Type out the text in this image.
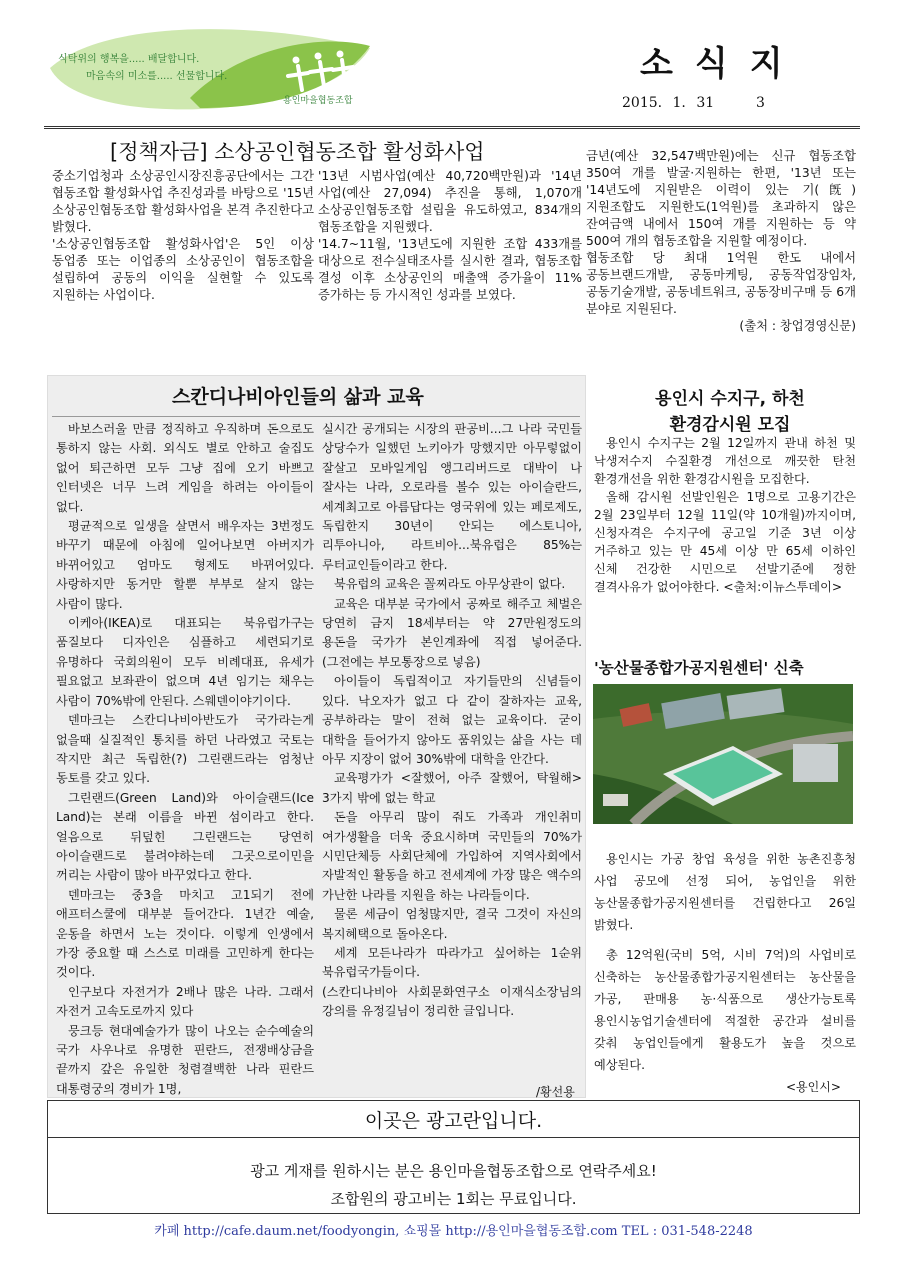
식탁위의 행복을..... 배달합니다.
마음속의 미소를..... 선물합니다.
용인마을협동조합
소식지
2015. 1. 31	3
[정책자금] 소상공인협동조합 활성화사업

중소기업청과 소상공인시장진흥공단에서는 그간 협동조합 활성화사업 추진성과를 바탕으로 '15년 소상공인협동조합 활성화사업을 본격 추진한다고 밝혔다.

'소상공인협동조합 활성화사업'은 5인 이상 동업종 또는 이업종의 소상공인이 협동조합을 설립하여 공동의 이익을 실현할 수 있도록 지원하는 사업이다.

'13년 시범사업(예산 40,720백만원)과 '14년 사업(예산 27,094) 추진을 통해, 1,070개 소상공인협동조합 설립을 유도하였고, 834개의 협동조합을 지원했다.

'14.7~11월, '13년도에 지원한 조합 433개를 대상으로 전수실태조사를 실시한 결과, 협동조합 결성 이후 소상공인의 매출액 증가율이 11% 증가하는 등 가시적인 성과를 보였다.

금년(예산 32,547백만원)에는 신규 협동조합 350여 개를 발굴·지원하는 한편, '13년 또는 '14년도에 지원받은 이력이 있는 기(旣) 지원조합도 지원한도(1억원)를 초과하지 않은 잔여금액 내에서 150여 개를 지원하는 등 약 500여 개의 협동조합을 지원할 예정이다.

협동조합 당 최대 1억원 한도 내에서 공동브랜드개발, 공동마케팅, 공동작업장임차, 공동기술개발, 공동네트워크, 공동장비구매 등 6개 분야로 지원된다.

(출처 : 창업경영신문)

스칸디나비아인들의 삶과 교육

바보스러울 만큼 정직하고 우직하며 돈으로도 통하지 않는 사회. 외식도 별로 안하고 술집도 없어 퇴근하면 모두 그냥 집에 오기 바쁘고 인터넷은 너무 느려 게임을 하려는 아이들이 없다.

평균적으로 일생을 살면서 배우자는 3번정도 바꾸기 때문에 아침에 일어나보면 아버지가 바뀌어있고 엄마도 형제도 바뀌어있다. 사랑하지만 동거만 할뿐 부부로 살지 않는 사람이 많다.

이케아(IKEA)로 대표되는 북유럽가구는 품질보다 디자인은 심플하고 세련되기로 유명하다 국회의원이 모두 비례대표, 유세가 필요없고 보좌관이 없으며 4년 임기는 채우는 사람이 70%밖에 안된다. 스웨덴이야기이다.

덴마크는 스칸디나비아반도가 국가라는게 없을때 실질적인 통치를 하던 나라였고 국토는 작지만 최근 독립한(?) 그린랜드라는 엄청난 동토를 갖고 있다.

그린랜드(Green Land)와 아이슬랜드(Ice Land)는 본래 이름을 바뀐 섬이라고 한다. 얼음으로 뒤덮힌 그린랜드는 당연히 아이슬랜드로 불려야하는데 그곳으로이민을 꺼리는 사람이 많아 바꾸었다고 한다.

덴마크는 중3을 마치고 고1되기 전에 애프터스쿨에 대부분 들어간다. 1년간 예술, 운동을 하면서 노는 것이다. 이렇게 인생에서 가장 중요할 때 스스로 미래를 고민하게 한다는 것이다.

인구보다 자전거가 2배나 많은 나라. 그래서 자전거 고속도로까지 있다

뭉크등 현대예술가가 많이 나오는 순수예술의 국가 사우나로 유명한 핀란드, 전쟁배상금을 끝까지 갚은 유일한 청렴결백한 나라 핀란드 대통령궁의 경비가 1명,

실시간 공개되는 시장의 판공비...그 나라 국민들 상당수가 일했던 노키아가 망했지만 아무렇없이 잘살고 모바일게임 앵그리버드로 대박이 나 잘사는 나라, 오로라를 볼수 있는 아이슬란드, 세계최고로 아름답다는 영국위에 있는 페로제도, 독립한지 30년이 안되는 에스토니아, 리투아니아, 라트비아...북유럽은 85%는 루터교인들이라고 한다.

북유럽의 교육은 꼴찌라도 아무상관이 없다.

교육은 대부분 국가에서 공짜로 해주고 체벌은 당연히 금지 18세부터는 약 27만원정도의 용돈을 국가가 본인계좌에 직접 넣어준다. (그전에는 부모통장으로 넣음)

아이들이 독립적이고 자기들만의 신념들이 있다. 낙오자가 없고 다 같이 잘하자는 교육, 공부하라는 말이 전혀 없는 교육이다. 굳이 대학을 들어가지 않아도 품위있는 삶을 사는 데 아무 지장이 없어 30%밖에 대학을 안간다.

교육평가가 <잘했어, 아주 잘했어, 탁월해> 3가지 밖에 없는 학교

돈을 아무리 많이 줘도 가족과 개인취미 여가생활을 더욱 중요시하며 국민들의 70%가 시민단체등 사회단체에 가입하여 지역사회에서 자발적인 활동을 하고 전세계에 가장 많은 액수의 가난한 나라를 지원을 하는 나라들이다.

물론 세금이 엄청많지만, 결국 그것이 자신의 복지혜택으로 돌아온다.

세계 모든나라가 따라가고 싶어하는 1순위 북유럽국가들이다.

(스칸디나비아 사회문화연구소 이재식소장님의 강의를 유정길님이 정리한 글입니다.

/황선용
용인시 수지구, 하천
환경감시원 모집

용인시 수지구는 2월 12일까지 관내 하천 및 낙생저수지 수질환경 개선으로 깨끗한 탄천 환경개선을 위한 환경감시원을 모집한다.

올해 감시원 선발인원은 1명으로 고용기간은 2월 23일부터 12월 11일(약 10개월)까지이며, 신청자격은 수지구에 공고일 기준 3년 이상 거주하고 있는 만 45세 이상 만 65세 이하인 신체 건강한 시민으로 선발기준에 정한 결격사유가 없어야한다. <출처:이뉴스투데이>

'농산물종합가공지원센터' 신축

용인시는 가공 창업 육성을 위한 농촌진흥청 사업 공모에 선정 되어, 농업인을 위한 농산물종합가공지원센터를 건립한다고 26일 밝혔다.

총 12억원(국비 5억, 시비 7억)의 사업비로 신축하는 농산물종합가공지원센터는 농산물을 가공, 판매용 농·식품으로 생산가능토록 용인시농업기술센터에 적절한 공간과 설비를 갖춰 농업인들에게 활용도가 높을 것으로 예상된다.

<용인시>
이곳은 광고란입니다.
광고 게재를 원하시는 분은 용인마을협동조합으로 연락주세요!
조합원의 광고비는 1회는 무료입니다.
카페 http://cafe.daum.net/foodyongin, 쇼핑몰 http://용인마을협동조합.com TEL : 031-548-2248
